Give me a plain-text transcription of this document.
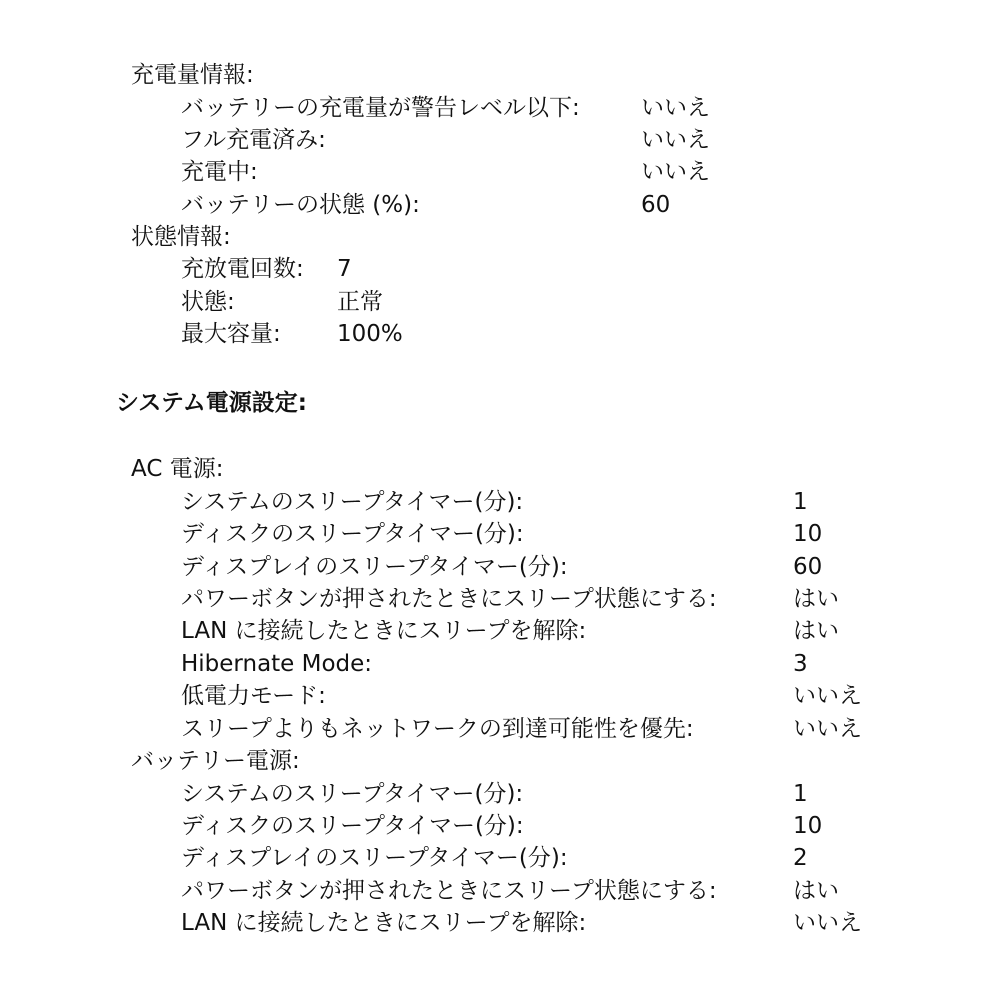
充電量情報:
バッテリーの充電量が警告レベル以下:	いいえ
フル充電済み:	いいえ
充電中:	いいえ
バッテリーの状態 (%):	60
状態情報:
充放電回数: 7
状態:	正常
最大容量: 100%
システム電源設定:
AC 電源:
システムのスリープタイマー(分):	1
ディスクのスリープタイマー(分):	10
ディスプレイのスリープタイマー(分):	60
パワーボタンが押されたときにスリープ状態にする:	はい
LAN に接続したときにスリープを解除:	はい
Hibernate Mode:	3
低電力モード:	いいえ
スリープよりもネットワークの到達可能性を優先:	いいえ
バッテリー電源:
システムのスリープタイマー(分):	1
ディスクのスリープタイマー(分):	10
ディスプレイのスリープタイマー(分):	2
パワーボタンが押されたときにスリープ状態にする:	はい
LAN に接続したときにスリープを解除:	いいえ
